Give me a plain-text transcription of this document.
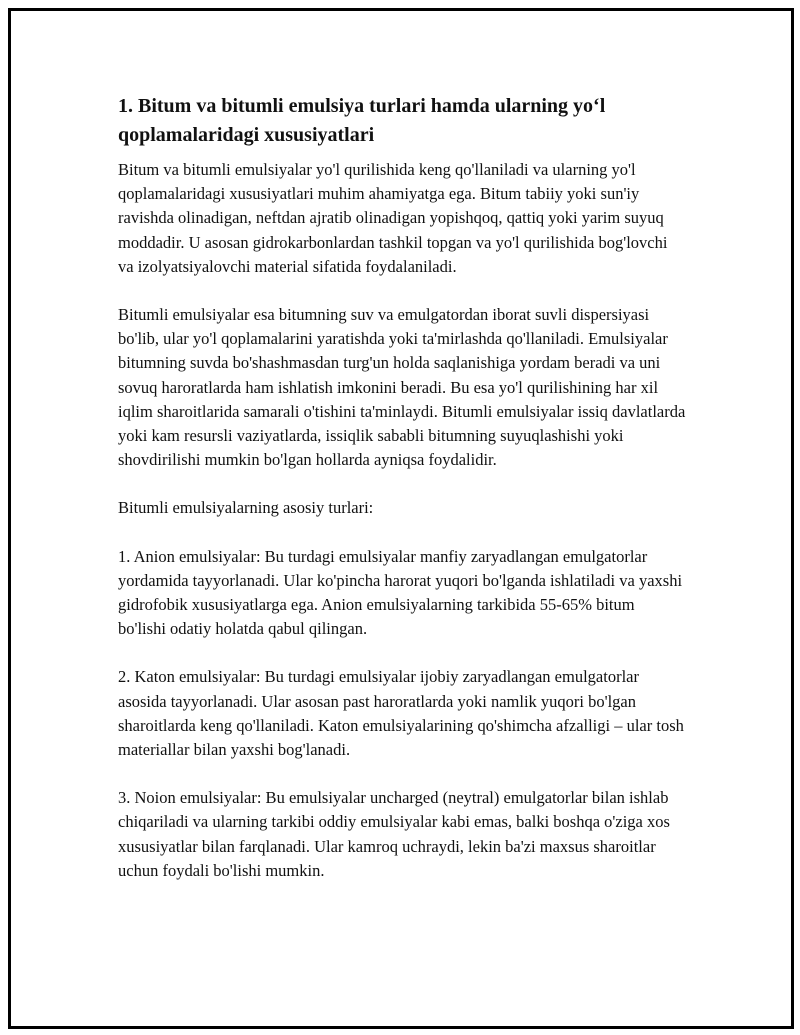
1. Bitum va bitumli emulsiya turlari hamda ularning yoʻl qoplamalaridagi xususiyatlari

Bitum va bitumli emulsiyalar yo'l qurilishida keng qo'llaniladi va ularning yo'l qoplamalaridagi xususiyatlari muhim ahamiyatga ega. Bitum tabiiy yoki sun'iy ravishda olinadigan, neftdan ajratib olinadigan yopishqoq, qattiq yoki yarim suyuq moddadir. U asosan gidrokarbonlardan tashkil topgan va yo'l qurilishida bog'lovchi va izolyatsiyalovchi material sifatida foydalaniladi.

Bitumli emulsiyalar esa bitumning suv va emulgatordan iborat suvli dispersiyasi bo'lib, ular yo'l qoplamalarini yaratishda yoki ta'mirlashda qo'llaniladi. Emulsiyalar bitumning suvda bo'shashmasdan turg'un holda saqlanishiga yordam beradi va uni sovuq haroratlarda ham ishlatish imkonini beradi. Bu esa yo'l qurilishining har xil iqlim sharoitlarida samarali o'tishini ta'minlaydi. Bitumli emulsiyalar issiq davlatlarda yoki kam resursli vaziyatlarda, issiqlik sababli bitumning suyuqlashishi yoki shovdirilishi mumkin bo'lgan hollarda ayniqsa foydalidir.

Bitumli emulsiyalarning asosiy turlari:

1. Anion emulsiyalar: Bu turdagi emulsiyalar manfiy zaryadlangan emulgatorlar yordamida tayyorlanadi. Ular ko'pincha harorat yuqori bo'lganda ishlatiladi va yaxshi gidrofobik xususiyatlarga ega. Anion emulsiyalarning tarkibida 55-65% bitum bo'lishi odatiy holatda qabul qilingan.

2. Katon emulsiyalar: Bu turdagi emulsiyalar ijobiy zaryadlangan emulgatorlar asosida tayyorlanadi. Ular asosan past haroratlarda yoki namlik yuqori bo'lgan sharoitlarda keng qo'llaniladi. Katon emulsiyalarining qo'shimcha afzalligi – ular tosh materiallar bilan yaxshi bog'lanadi.

3. Noion emulsiyalar: Bu emulsiyalar uncharged (neytral) emulgatorlar bilan ishlab chiqariladi va ularning tarkibi oddiy emulsiyalar kabi emas, balki boshqa o'ziga xos xususiyatlar bilan farqlanadi. Ular kamroq uchraydi, lekin ba'zi maxsus sharoitlar uchun foydali bo'lishi mumkin.
